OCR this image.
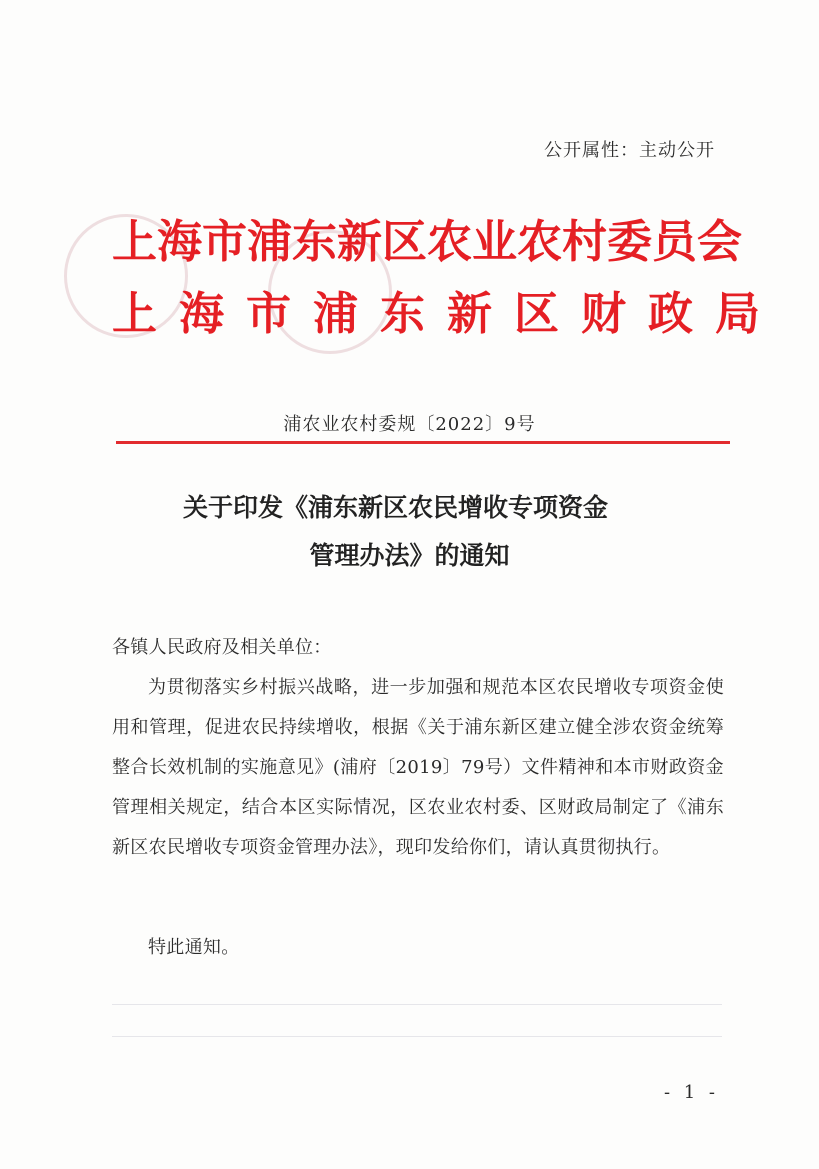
公开属性：主动公开
上海市浦东新区农业农村委员会
上海市浦东新区财政局
浦农业农村委规〔2022〕9号
关于印发《浦东新区农民增收专项资金
管理办法》的通知
各镇人民政府及相关单位：

为贯彻落实乡村振兴战略，进一步加强和规范本区农民增收专项资金使用和管理，促进农民持续增收，根据《关于浦东新区建立健全涉农资金统筹整合长效机制的实施意见》(浦府〔2019〕79号）文件精神和本市财政资金管理相关规定，结合本区实际情况，区农业农村委、区财政局制定了《浦东新区农民增收专项资金管理办法》，现印发给你们，请认真贯彻执行。

特此通知。
- 1 -
